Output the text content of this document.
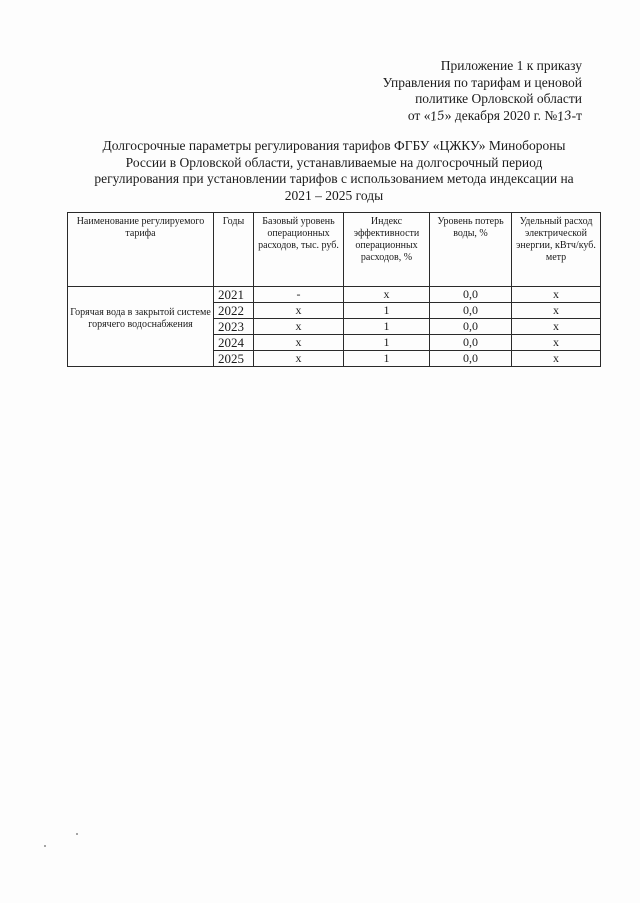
Приложение 1 к приказу
Управления по тарифам и ценовой
политике Орловской области
от «15» декабря 2020 г. №13-т
Долгосрочные параметры регулирования тарифов ФГБУ «ЦЖКУ» Минобороны
России в Орловской области, устанавливаемые на долгосрочный период
регулирования при установлении тарифов с использованием метода индексации на
2021 – 2025 годы
Наименование регулируемого тарифа	Годы	Базовый уровень операционных расходов, тыс. руб.	Индекс эффективности операционных расходов, %	Уровень потерь воды, %	Удельный расход электрической энергии, кВтч/куб. метр
Горячая вода в закрытой системе горячего водоснабжения	2021	-	x	0,0	x
	2022	x	1	0,0	x
	2023	x	1	0,0	x
	2024	x	1	0,0	x
	2025	x	1	0,0	x
